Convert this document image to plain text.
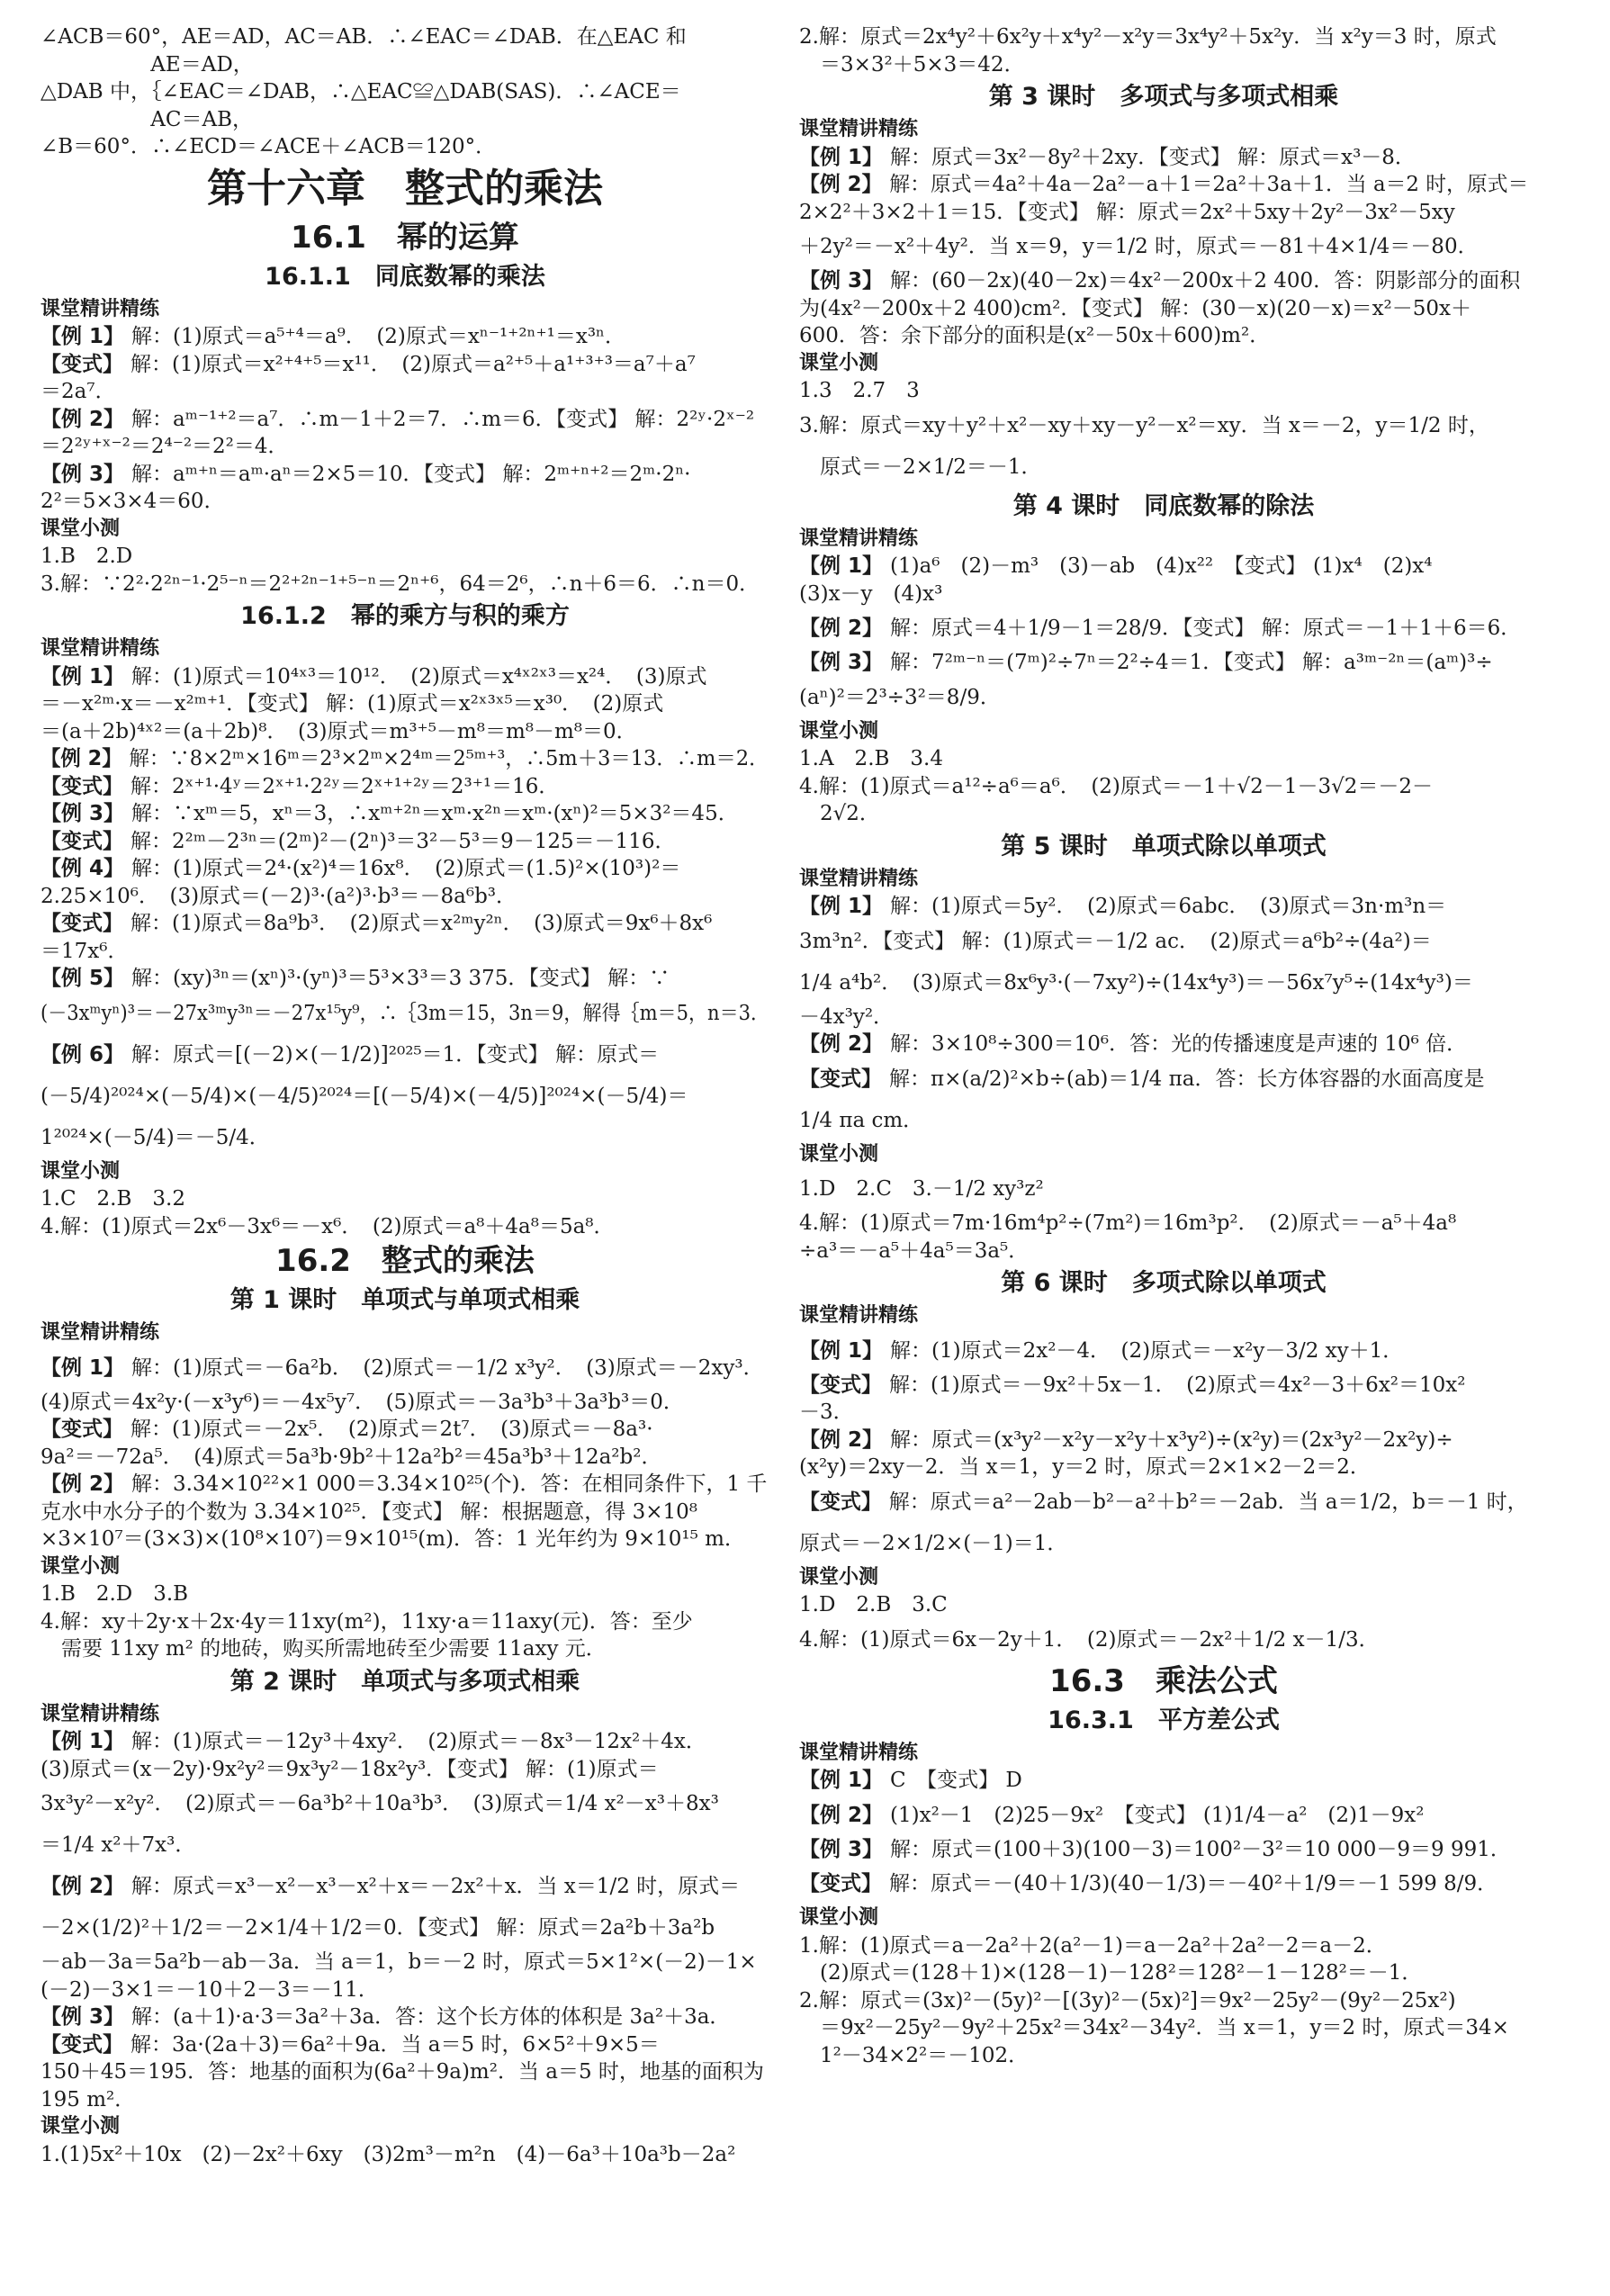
∠ACB＝60°，AE＝AD，AC＝AB．∴∠EAC＝∠DAB．在△EAC 和
　　　　　 AE＝AD，
△DAB 中，｛∠EAC＝∠DAB，∴△EAC≌△DAB(SAS)．∴∠ACE＝
　　　　　 AC＝AB，
∠B＝60°．∴∠ECD＝∠ACE＋∠ACB＝120°．
第十六章　整式的乘法
16.1　幂的运算
16.1.1　同底数幂的乘法
课堂精讲精练
【例 1】 解：(1)原式＝a⁵⁺⁴＝a⁹．　(2)原式＝xⁿ⁻¹⁺²ⁿ⁺¹＝x³ⁿ．
【变式】 解：(1)原式＝x²⁺⁴⁺⁵＝x¹¹．　(2)原式＝a²⁺⁵＋a¹⁺³⁺³＝a⁷＋a⁷
＝2a⁷．
【例 2】 解：aᵐ⁻¹⁺²＝a⁷．∴m－1＋2＝7．∴m＝6．【变式】 解：2²ʸ·2ˣ⁻²
＝2²ʸ⁺ˣ⁻²＝2⁴⁻²＝2²＝4．
【例 3】 解：aᵐ⁺ⁿ＝aᵐ·aⁿ＝2×5＝10．【变式】 解：2ᵐ⁺ⁿ⁺²＝2ᵐ·2ⁿ·
2²＝5×3×4＝60．
课堂小测
1.B　2.D
3.解：∵2²·2²ⁿ⁻¹·2⁵⁻ⁿ＝2²⁺²ⁿ⁻¹⁺⁵⁻ⁿ＝2ⁿ⁺⁶，64＝2⁶，∴n＋6＝6．∴n＝0．
16.1.2　幂的乘方与积的乘方
课堂精讲精练
【例 1】 解：(1)原式＝10⁴ˣ³＝10¹²．　(2)原式＝x⁴ˣ²ˣ³＝x²⁴．　(3)原式
＝－x²ᵐ·x＝－x²ᵐ⁺¹．【变式】 解：(1)原式＝x²ˣ³ˣ⁵＝x³⁰．　(2)原式
＝(a＋2b)⁴ˣ²＝(a＋2b)⁸．　(3)原式＝m³⁺⁵－m⁸＝m⁸－m⁸＝0．
【例 2】 解：∵8×2ᵐ×16ᵐ＝2³×2ᵐ×2⁴ᵐ＝2⁵ᵐ⁺³，∴5m＋3＝13．∴m＝2．
【变式】 解：2ˣ⁺¹·4ʸ＝2ˣ⁺¹·2²ʸ＝2ˣ⁺¹⁺²ʸ＝2³⁺¹＝16．
【例 3】 解：∵xᵐ＝5，xⁿ＝3，∴xᵐ⁺²ⁿ＝xᵐ·x²ⁿ＝xᵐ·(xⁿ)²＝5×3²＝45．
【变式】 解：2²ᵐ－2³ⁿ＝(2ᵐ)²－(2ⁿ)³＝3²－5³＝9－125＝－116．
【例 4】 解：(1)原式＝2⁴·(x²)⁴＝16x⁸．　(2)原式＝(1.5)²×(10³)²＝
2.25×10⁶．　(3)原式＝(－2)³·(a²)³·b³＝－8a⁶b³．
【变式】 解：(1)原式＝8a⁹b³．　(2)原式＝x²ᵐy²ⁿ．　(3)原式＝9x⁶＋8x⁶
＝17x⁶．
【例 5】 解：(xy)³ⁿ＝(xⁿ)³·(yⁿ)³＝5³×3³＝3 375．【变式】 解：∵
(－3xᵐyⁿ)³＝－27x³ᵐy³ⁿ＝－27x¹⁵y⁹，∴｛3m＝15，3n＝9，解得｛m＝5，n＝3．
【例 6】 解：原式＝[(－2)×(－1/2)]²⁰²⁵＝1．【变式】 解：原式＝
(－5/4)²⁰²⁴×(－5/4)×(－4/5)²⁰²⁴＝[(－5/4)×(－4/5)]²⁰²⁴×(－5/4)＝
1²⁰²⁴×(－5/4)＝－5/4．
课堂小测
1.C　2.B　3.2
4.解：(1)原式＝2x⁶－3x⁶＝－x⁶．　(2)原式＝a⁸＋4a⁸＝5a⁸．
16.2　整式的乘法
第 1 课时　单项式与单项式相乘
课堂精讲精练
【例 1】 解：(1)原式＝－6a²b．　(2)原式＝－1/2 x³y²．　(3)原式＝－2xy³．
(4)原式＝4x²y·(－x³y⁶)＝－4x⁵y⁷．　(5)原式＝－3a³b³＋3a³b³＝0．
【变式】 解：(1)原式＝－2x⁵．　(2)原式＝2t⁷．　(3)原式＝－8a³·
9a²＝－72a⁵．　(4)原式＝5a³b·9b²＋12a²b²＝45a³b³＋12a²b²．
【例 2】 解：3.34×10²²×1 000＝3.34×10²⁵(个)．答：在相同条件下，1 千
克水中水分子的个数为 3.34×10²⁵．【变式】 解：根据题意，得 3×10⁸
×3×10⁷＝(3×3)×(10⁸×10⁷)＝9×10¹⁵(m)．答：1 光年约为 9×10¹⁵ m．
课堂小测
1.B　2.D　3.B
4.解：xy＋2y·x＋2x·4y＝11xy(m²)，11xy·a＝11axy(元)．答：至少
　需要 11xy m² 的地砖，购买所需地砖至少需要 11axy 元．
第 2 课时　单项式与多项式相乘
课堂精讲精练
【例 1】 解：(1)原式＝－12y³＋4xy²．　(2)原式＝－8x³－12x²＋4x．
(3)原式＝(x－2y)·9x²y²＝9x³y²－18x²y³．【变式】 解：(1)原式＝
3x³y²－x²y²．　(2)原式＝－6a³b²＋10a³b³．　(3)原式＝1/4 x²－x³＋8x³
＝1/4 x²＋7x³．
【例 2】 解：原式＝x³－x²－x³－x²＋x＝－2x²＋x．当 x＝1/2 时，原式＝
－2×(1/2)²＋1/2＝－2×1/4＋1/2＝0．【变式】 解：原式＝2a²b＋3a²b
－ab－3a＝5a²b－ab－3a．当 a＝1，b＝－2 时，原式＝5×1²×(－2)－1×
(－2)－3×1＝－10＋2－3＝－11．
【例 3】 解：(a＋1)·a·3＝3a²＋3a．答：这个长方体的体积是 3a²＋3a．
【变式】 解：3a·(2a＋3)＝6a²＋9a．当 a＝5 时，6×5²＋9×5＝
150＋45＝195．答：地基的面积为(6a²＋9a)m²．当 a＝5 时，地基的面积为
195 m²．
课堂小测
1.(1)5x²＋10x　(2)－2x²＋6xy　(3)2m³－m²n　(4)－6a³＋10a³b－2a²
2.解：原式＝2x⁴y²＋6x²y＋x⁴y²－x²y＝3x⁴y²＋5x²y．当 x²y＝3 时，原式
　＝3×3²＋5×3＝42．
第 3 课时　多项式与多项式相乘
课堂精讲精练
【例 1】 解：原式＝3x²－8y²＋2xy．【变式】 解：原式＝x³－8．
【例 2】 解：原式＝4a²＋4a－2a²－a＋1＝2a²＋3a＋1．当 a＝2 时，原式＝
2×2²＋3×2＋1＝15．【变式】 解：原式＝2x²＋5xy＋2y²－3x²－5xy
＋2y²＝－x²＋4y²．当 x＝9，y＝1/2 时，原式＝－81＋4×1/4＝－80．
【例 3】 解：(60－2x)(40－2x)＝4x²－200x＋2 400．答：阴影部分的面积
为(4x²－200x＋2 400)cm²．【变式】 解：(30－x)(20－x)＝x²－50x＋
600．答：余下部分的面积是(x²－50x＋600)m²．
课堂小测
1.3　2.7　3
3.解：原式＝xy＋y²＋x²－xy＋xy－y²－x²＝xy．当 x＝－2，y＝1/2 时，
　原式＝－2×1/2＝－1．
第 4 课时　同底数幂的除法
课堂精讲精练
【例 1】 (1)a⁶　(2)－m³　(3)－ab　(4)x²²　【变式】 (1)x⁴　(2)x⁴
(3)x－y　(4)x³
【例 2】 解：原式＝4＋1/9－1＝28/9．【变式】 解：原式＝－1＋1＋6＝6．
【例 3】 解：7²ᵐ⁻ⁿ＝(7ᵐ)²÷7ⁿ＝2²÷4＝1．【变式】 解：a³ᵐ⁻²ⁿ＝(aᵐ)³÷
(aⁿ)²＝2³÷3²＝8/9．
课堂小测
1.A　2.B　3.4
4.解：(1)原式＝a¹²÷a⁶＝a⁶．　(2)原式＝－1＋√2－1－3√2＝－2－
　2√2．
第 5 课时　单项式除以单项式
课堂精讲精练
【例 1】 解：(1)原式＝5y²．　(2)原式＝6abc．　(3)原式＝3n·m³n＝
3m³n²．【变式】 解：(1)原式＝－1/2 ac．　(2)原式＝a⁶b²÷(4a²)＝
1/4 a⁴b²．　(3)原式＝8x⁶y³·(－7xy²)÷(14x⁴y³)＝－56x⁷y⁵÷(14x⁴y³)＝
－4x³y²．
【例 2】 解：3×10⁸÷300＝10⁶．答：光的传播速度是声速的 10⁶ 倍．
【变式】 解：π×(a/2)²×b÷(ab)＝1/4 πa．答：长方体容器的水面高度是
1/4 πa cm．
课堂小测
1.D　2.C　3.－1/2 xy³z²
4.解：(1)原式＝7m·16m⁴p²÷(7m²)＝16m³p²．　(2)原式＝－a⁵＋4a⁸
÷a³＝－a⁵＋4a⁵＝3a⁵．
第 6 课时　多项式除以单项式
课堂精讲精练
【例 1】 解：(1)原式＝2x²－4．　(2)原式＝－x²y－3/2 xy＋1．
【变式】 解：(1)原式＝－9x²＋5x－1．　(2)原式＝4x²－3＋6x²＝10x²
－3．
【例 2】 解：原式＝(x³y²－x²y－x²y＋x³y²)÷(x²y)＝(2x³y²－2x²y)÷
(x²y)＝2xy－2．当 x＝1，y＝2 时，原式＝2×1×2－2＝2．
【变式】 解：原式＝a²－2ab－b²－a²＋b²＝－2ab．当 a＝1/2，b＝－1 时，
原式＝－2×1/2×(－1)＝1．
课堂小测
1.D　2.B　3.C
4.解：(1)原式＝6x－2y＋1．　(2)原式＝－2x²＋1/2 x－1/3．
16.3　乘法公式
16.3.1　平方差公式
课堂精讲精练
【例 1】 C　【变式】 D
【例 2】 (1)x²－1　(2)25－9x²　【变式】 (1)1/4－a²　(2)1－9x²
【例 3】 解：原式＝(100＋3)(100－3)＝100²－3²＝10 000－9＝9 991．
【变式】 解：原式＝－(40＋1/3)(40－1/3)＝－40²＋1/9＝－1 599 8/9．
课堂小测
1.解：(1)原式＝a－2a²＋2(a²－1)＝a－2a²＋2a²－2＝a－2．
　(2)原式＝(128＋1)×(128－1)－128²＝128²－1－128²＝－1．
2.解：原式＝(3x)²－(5y)²－[(3y)²－(5x)²]＝9x²－25y²－(9y²－25x²)
　＝9x²－25y²－9y²＋25x²＝34x²－34y²．当 x＝1，y＝2 时，原式＝34×
　1²－34×2²＝－102．
